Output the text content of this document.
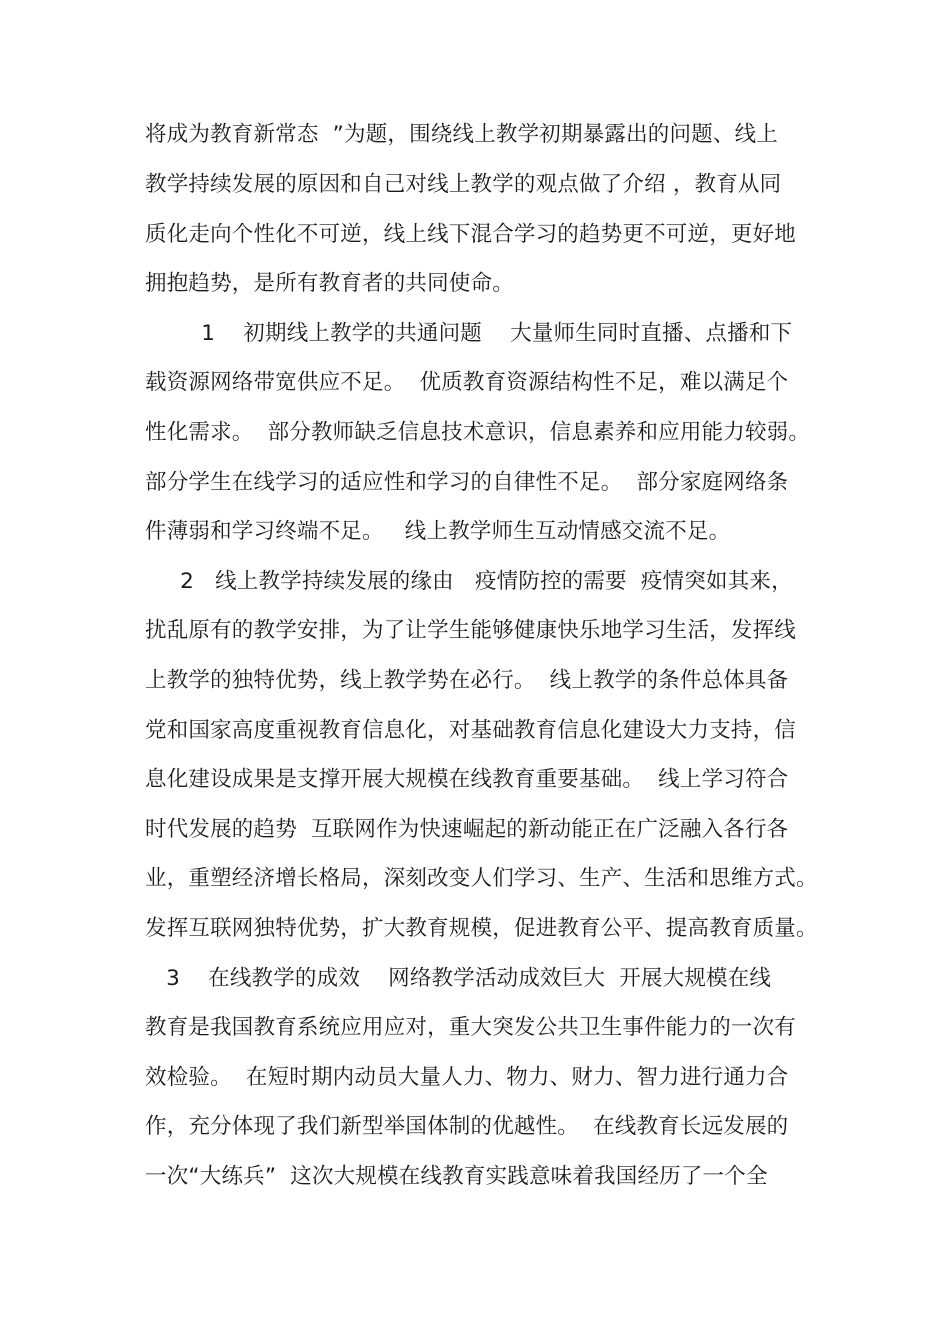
将成为教育新常态  ”为题，围绕线上教学初期暴露出的问题、线上
教学持续发展的原因和自己对线上教学的观点做了介绍 ，教育从同
质化走向个性化不可逆，线上线下混合学习的趋势更不可逆，更好地
拥抱趋势，是所有教育者的共同使命。
1    初期线上教学的共通问题    大量师生同时直播、点播和下
载资源网络带宽供应不足。  优质教育资源结构性不足，难以满足个
性化需求。  部分教师缺乏信息技术意识，信息素养和应用能力较弱。
部分学生在线学习的适应性和学习的自律性不足。  部分家庭网络条
件薄弱和学习终端不足。   线上教学师生互动情感交流不足。
2   线上教学持续发展的缘由   疫情防控的需要  疫情突如其来，
扰乱原有的教学安排，为了让学生能够健康快乐地学习生活，发挥线
上教学的独特优势，线上教学势在必行。  线上教学的条件总体具备
党和国家高度重视教育信息化，对基础教育信息化建设大力支持，信
息化建设成果是支撑开展大规模在线教育重要基础。  线上学习符合
时代发展的趋势  互联网作为快速崛起的新动能正在广泛融入各行各
业，重塑经济增长格局，深刻改变人们学习、生产、生活和思维方式。
发挥互联网独特优势，扩大教育规模，促进教育公平、提高教育质量。
3    在线教学的成效    网络教学活动成效巨大  开展大规模在线
教育是我国教育系统应用应对，重大突发公共卫生事件能力的一次有
效检验。  在短时期内动员大量人力、物力、财力、智力进行通力合
作，充分体现了我们新型举国体制的优越性。  在线教育长远发展的
一次“大练兵”  这次大规模在线教育实践意味着我国经历了一个全
